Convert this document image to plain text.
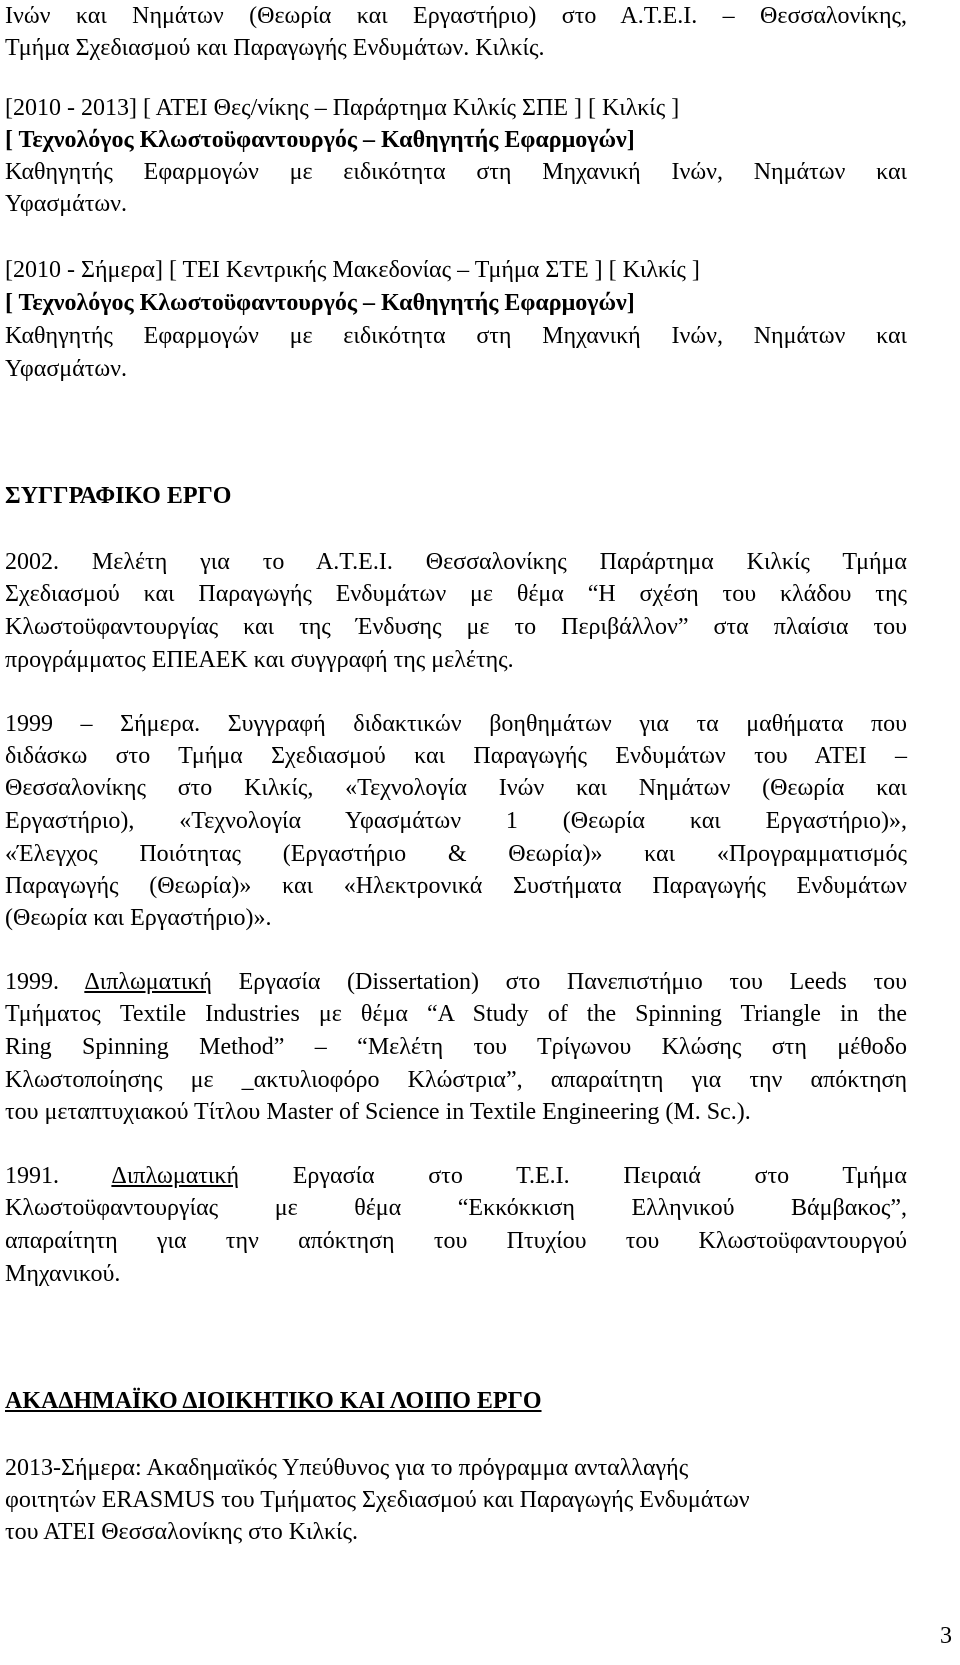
Ινών και Νημάτων (Θεωρία και Εργαστήριο) στο Α.Τ.Ε.Ι. – Θεσσαλονίκης,
Τμήμα Σχεδιασμού και Παραγωγής Ενδυμάτων. Κιλκίς.
[2010 - 2013] [ ΑΤΕΙ Θες/νίκης – Παράρτημα Κιλκίς ΣΠΕ ] [ Κιλκίς ]
[ Τεχνολόγος Κλωστοϋφαντουργός – Καθηγητής Εφαρμογών]
Καθηγητής Εφαρμογών με ειδικότητα στη Μηχανική Ινών, Νημάτων και
Υφασμάτων.
[2010 - Σήμερα] [ ΤΕΙ Κεντρικής Μακεδονίας – Τμήμα ΣΤΕ ] [ Κιλκίς ]
[ Τεχνολόγος Κλωστοϋφαντουργός – Καθηγητής Εφαρμογών]
Καθηγητής Εφαρμογών με ειδικότητα στη Μηχανική Ινών, Νημάτων και
Υφασμάτων.
ΣΥΓΓΡΑΦΙΚΟ ΕΡΓΟ
2002. Μελέτη για το Α.Τ.Ε.Ι. Θεσσαλονίκης Παράρτημα Κιλκίς Τμήμα
Σχεδιασμού και Παραγωγής Ενδυμάτων με θέμα “Η σχέση του κλάδου της
Κλωστοϋφαντουργίας και της Ένδυσης με το Περιβάλλον” στα πλαίσια του
προγράμματος ΕΠΕΑΕΚ και συγγραφή της μελέτης.
1999 – Σήμερα. Συγγραφή διδακτικών βοηθημάτων για τα μαθήματα που
διδάσκω στο Τμήμα Σχεδιασμού και Παραγωγής Ενδυμάτων του ΑΤΕΙ –
Θεσσαλονίκης στο Κιλκίς, «Τεχνολογία Ινών και Νημάτων (Θεωρία και
Εργαστήριο), «Τεχνολογία Υφασμάτων 1 (Θεωρία και Εργαστήριο)»,
«Έλεγχος Ποιότητας (Εργαστήριο & Θεωρία)» και «Προγραμματισμός
Παραγωγής (Θεωρία)» και «Ηλεκτρονικά Συστήματα Παραγωγής Ενδυμάτων
(Θεωρία και Εργαστήριο)».
1999. Διπλωματική Εργασία (Dissertation) στο Πανεπιστήμιο του Leeds του
Τμήματος Textile Industries με θέμα “A Study of the Spinning Triangle in the
Ring Spinning Method” – “Μελέτη του Τρίγωνου Κλώσης στη μέθοδο
Κλωστοποίησης με _ακτυλιοφόρο Κλώστρια”, απαραίτητη για την απόκτηση
του μεταπτυχιακού Τίτλου Master of Science in Textile Engineering (M. Sc.).
1991. Διπλωματική Εργασία στο Τ.Ε.Ι. Πειραιά στο Τμήμα
Κλωστοϋφαντουργίας με θέμα “Εκκόκκιση Ελληνικού Βάμβακος”,
απαραίτητη για την απόκτηση του Πτυχίου του Κλωστοϋφαντουργού
Μηχανικού.
ΑΚΑΔΗΜΑΪΚΟ ΔΙΟΙΚΗΤΙΚΟ ΚΑΙ ΛΟΙΠΟ ΕΡΓΟ
2013-Σήμερα: Ακαδημαϊκός Υπεύθυνος για το πρόγραμμα ανταλλαγής
φοιτητών ERASMUS του Τμήματος Σχεδιασμού και Παραγωγής Ενδυμάτων
του ΑΤΕΙ Θεσσαλονίκης στο Κιλκίς.
3
